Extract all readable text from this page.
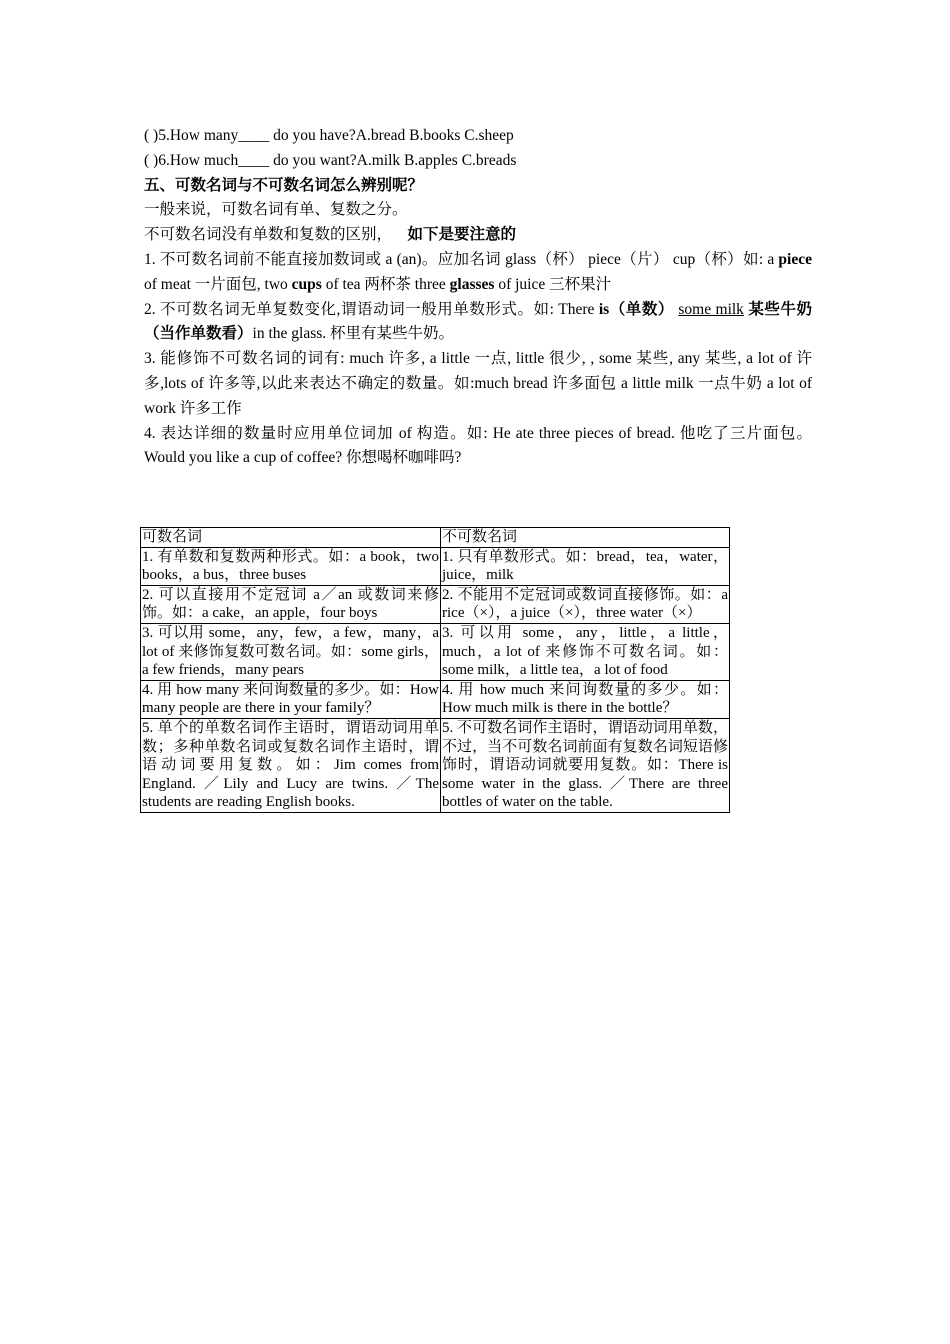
( )5.How many____ do you have?A.bread B.books C.sheep

( )6.How much____ do you want?A.milk B.apples C.breads

五、可数名词与不可数名词怎么辨别呢？

一般来说，可数名词有单、复数之分。

不可数名词没有单数和复数的区别， 如下是要注意的

1. 不可数名词前不能直接加数词或 a (an)。应加名词 glass（杯） piece（片） cup（杯）如: a piece of meat 一片面包, two cups of tea 两杯茶 three glasses of juice 三杯果汁

2. 不可数名词无单复数变化,谓语动词一般用单数形式。如: There is（单数） some milk 某些牛奶（当作单数看）in the glass. 杯里有某些牛奶。

3. 能修饰不可数名词的词有: much 许多, a little 一点, little 很少, , some 某些, any 某些, a lot of 许多,lots of 许多等,以此来表达不确定的数量。如:much bread 许多面包 a little milk 一点牛奶 a lot of work 许多工作

4. 表达详细的数量时应用单位词加 of 构造。如: He ate three pieces of bread. 他吃了三片面包。Would you like a cup of coffee? 你想喝杯咖啡吗?

可数名词	不可数名词
1. 有单数和复数两种形式。如：a book，two books，a bus，three buses	1. 只有单数形式。如：bread，tea，water，juice，milk
2. 可以直接用不定冠词 a／an 或数词来修饰。如：a cake，an apple，four boys	2. 不能用不定冠词或数词直接修饰。如：a rice（×），a juice（×），three water（×）
3. 可以用 some，any，few，a few，many，a lot of 来修饰复数可数名词。如：some girls，a few friends，many pears	3. 可以用 some，any，little，a little，much，a lot of 来修饰不可数名词。如：some milk，a little tea，a lot of food
4. 用 how many 来问询数量的多少。如：How many people are there in your family？	4. 用 how much 来问询数量的多少。如：How much milk is there in the bottle？
5. 单个的单数名词作主语时，谓语动词用单数；多种单数名词或复数名词作主语时，谓语动词要用复数。如：Jim comes from England. ／Lily and Lucy are twins. ／The students are reading English books.	5. 不可数名词作主语时，谓语动词用单数，不过，当不可数名词前面有复数名词短语修饰时，谓语动词就要用复数。如：There is some water in the glass. ／There are three bottles of water on the table.
